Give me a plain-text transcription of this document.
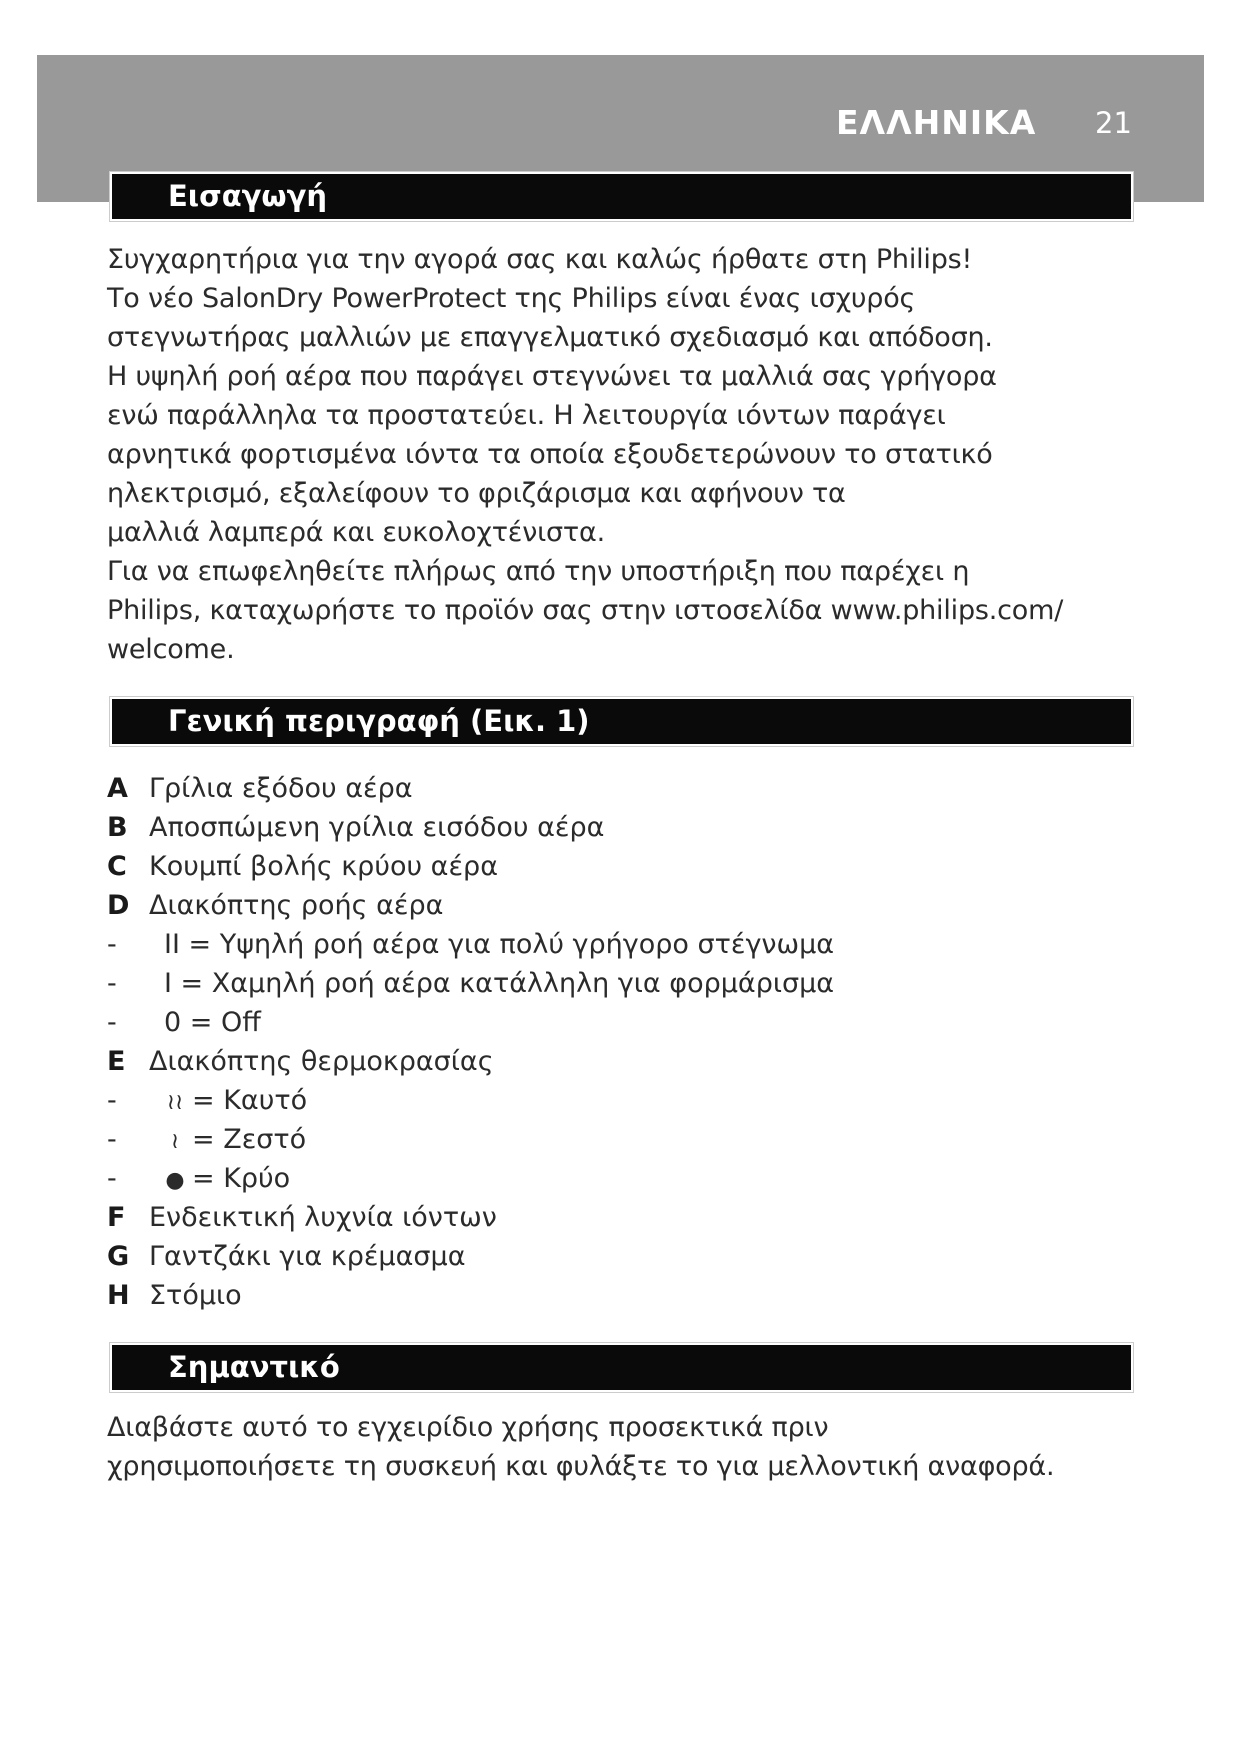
ΕΛΛΗΝΙΚΑ 21
Εισαγωγή
Συγχαρητήρια για την αγορά σας και καλώς ήρθατε στη Philips!
Το νέο SalonDry PowerProtect της Philips είναι ένας ισχυρός
στεγνωτήρας μαλλιών με επαγγελματικό σχεδιασμό και απόδοση.
Η υψηλή ροή αέρα που παράγει στεγνώνει τα μαλλιά σας γρήγορα
ενώ παράλληλα τα προστατεύει. Η λειτουργία ιόντων παράγει
αρνητικά φορτισμένα ιόντα τα οποία εξουδετερώνουν το στατικό
ηλεκτρισμό, εξαλείφουν το φριζάρισμα και αφήνουν τα
μαλλιά λαμπερά και ευκολοχτένιστα.
Για να επωφεληθείτε πλήρως από την υποστήριξη που παρέχει η
Philips, καταχωρήστε το προϊόν σας στην ιστοσελίδα www.philips.com/
welcome.
Γενική περιγραφή (Εικ. 1)
A Γρίλια εξόδου αέρα
B Αποσπώμενη γρίλια εισόδου αέρα
C Κουμπί βολής κρύου αέρα
D Διακόπτης ροής αέρα
-	II = Υψηλή ροή αέρα για πολύ γρήγορο στέγνωμα
-	I = Χαμηλή ροή αέρα κατάλληλη για φορμάρισμα
-	0 = Off
E Διακόπτης θερμοκρασίας
-	≀≀ = Καυτό
-	≀ = Ζεστό
-	● = Κρύο
F Ενδεικτική λυχνία ιόντων
G Γαντζάκι για κρέμασμα
H Στόμιο
Σημαντικό
Διαβάστε αυτό το εγχειρίδιο χρήσης προσεκτικά πριν
χρησιμοποιήσετε τη συσκευή και φυλάξτε το για μελλοντική αναφορά.
